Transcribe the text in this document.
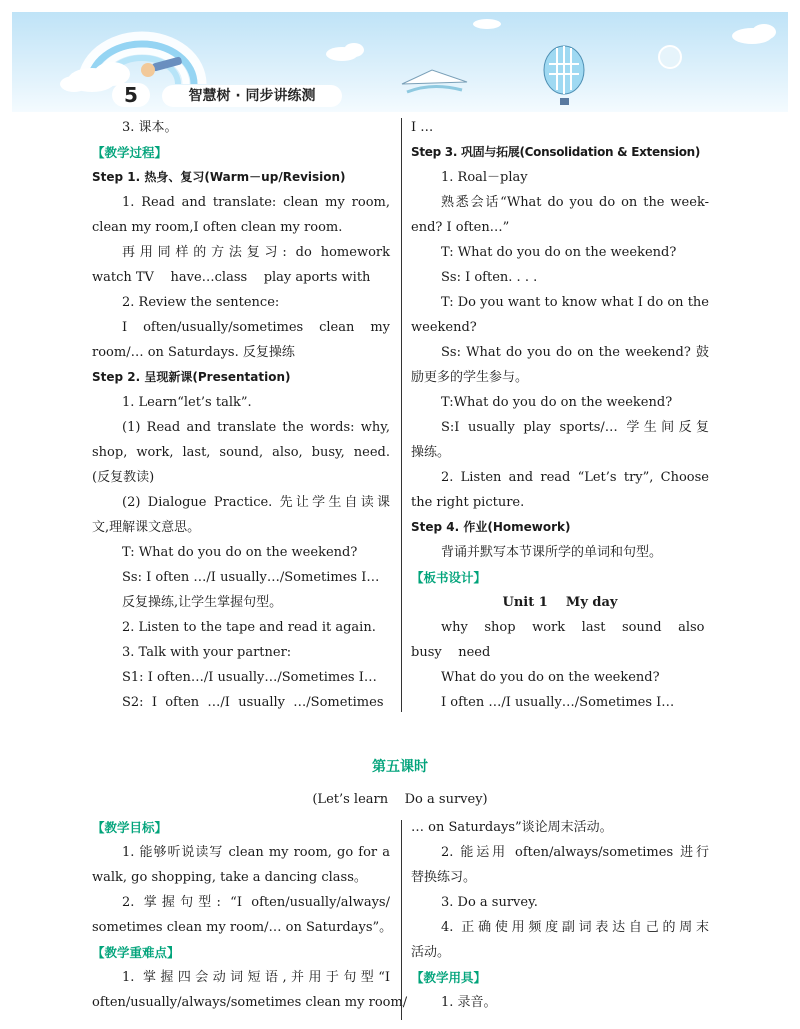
5	智慧树 · 同步讲练测

3. 课本。

【教学过程】

Step 1. 热身、复习(Warm－up/Revision)

1. Read and translate: clean my room,

clean my room,I often clean my room.

再用同样的方法复习: do homework

watch TV    have…class    play aports with

2. Review the sentence:

I often/usually/sometimes clean my

room/… on Saturdays. 反复操练

Step 2. 呈现新课(Presentation)

1. Learn“let’s talk”.

(1) Read and translate the words: why,

shop, work, last, sound, also, busy, need.

(反复教读)

(2) Dialogue Practice. 先让学生自读课

文,理解课文意思。

T: What do you do on the weekend?

Ss: I often …/I usually…/Sometimes I…

反复操练,让学生掌握句型。

2. Listen to the tape and read it again.

3. Talk with your partner:

S1: I often…/I usually…/Sometimes I…

S2:  I  often  …/I  usually  …/Sometimes

I …

Step 3. 巩固与拓展(Consolidation & Extension)

1. Roal－play

熟悉会话“What do you do on the week-

end? I often…”

T: What do you do on the weekend?

Ss: I often. . . .

T: Do you want to know what I do on the

weekend?

Ss: What do you do on the weekend? 鼓

励更多的学生参与。

T:What do you do on the weekend?

S:I usually play sports/… 学生间反复

操练。

2. Listen and read “Let’s try”, Choose

the right picture.

Step 4. 作业(Homework)

背诵并默写本节课所学的单词和句型。

【板书设计】

Unit 1    My day

why    shop    work    last    sound    also

busy    need

What do you do on the weekend?

I often …/I usually…/Sometimes I…

第五课时
(Let’s learn    Do a survey)

【教学目标】

1. 能够听说读写 clean my room, go for a

walk, go shopping, take a dancing class。

2. 掌握句型: “I often/usually/always/

sometimes clean my room/… on Saturdays”。

【教学重难点】

1. 掌握四会动词短语,并用于句型“I

often/usually/always/sometimes clean my room/

… on Saturdays”谈论周末活动。

2. 能运用 often/always/sometimes 进行

替换练习。

3. Do a survey.

4. 正确使用频度副词表达自己的周末

活动。

【教学用具】

1. 录音。
